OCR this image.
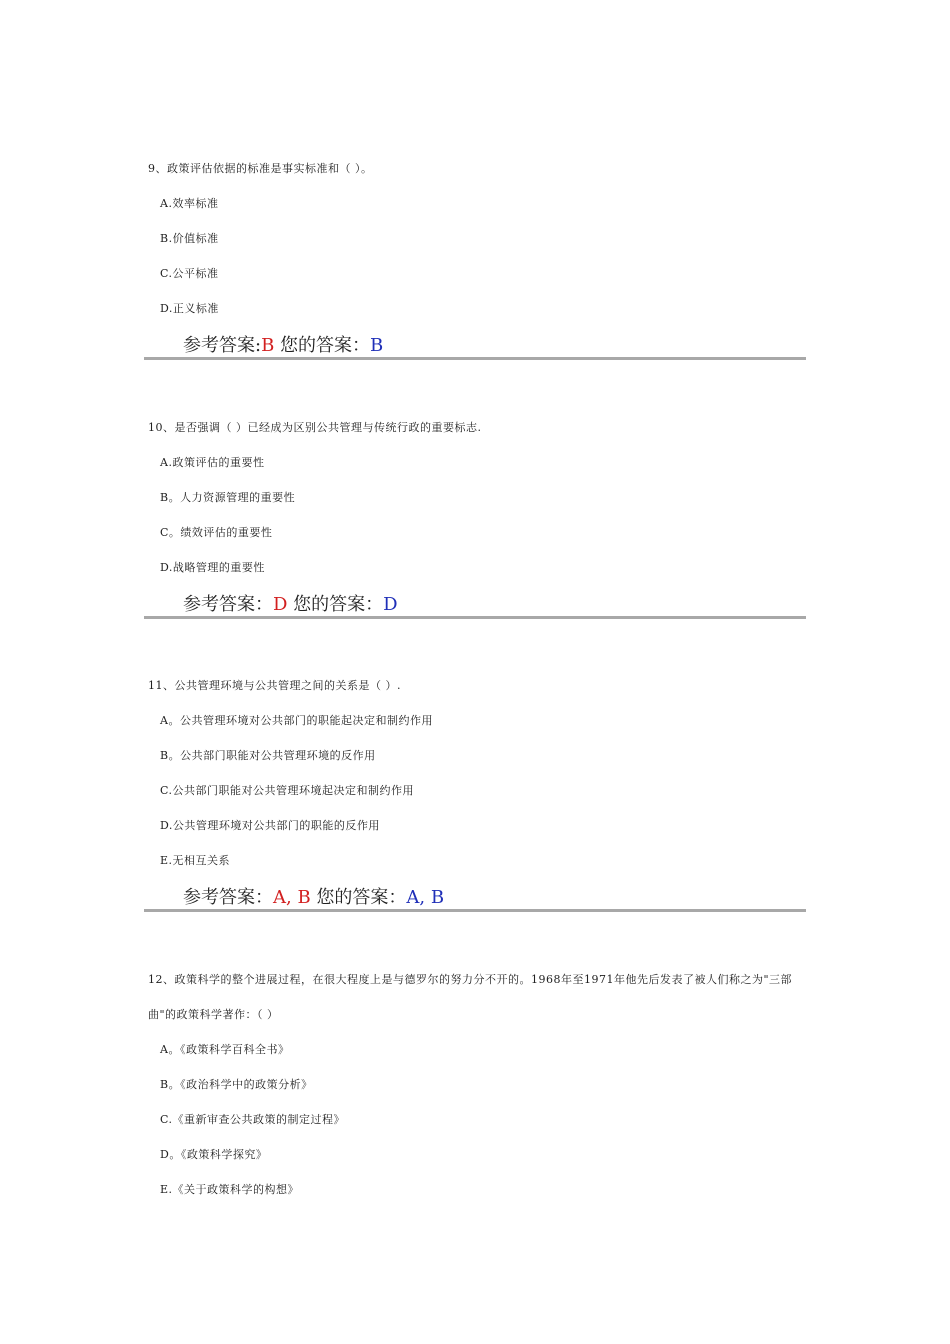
9、政策评估依据的标准是事实标准和（ ）。
A.效率标准
B.价值标准
C.公平标准
D.正义标准
参考答案:B 您的答案：B
10、是否强调（ ）已经成为区别公共管理与传统行政的重要标志.
A.政策评估的重要性
B。人力资源管理的重要性
C。绩效评估的重要性
D.战略管理的重要性
参考答案：D 您的答案：D
11、公共管理环境与公共管理之间的关系是（ ）.
A。公共管理环境对公共部门的职能起决定和制约作用
B。公共部门职能对公共管理环境的反作用
C.公共部门职能对公共管理环境起决定和制约作用
D.公共管理环境对公共部门的职能的反作用
E.无相互关系
参考答案：A, B 您的答案：A, B
12、政策科学的整个进展过程，在很大程度上是与德罗尔的努力分不开的。1968年至1971年他先后发表了被人们称之为"三部曲"的政策科学著作：（ ）
A。《政策科学百科全书》
B。《政治科学中的政策分析》
C.《重新审查公共政策的制定过程》
D。《政策科学探究》
E.《关于政策科学的构想》
